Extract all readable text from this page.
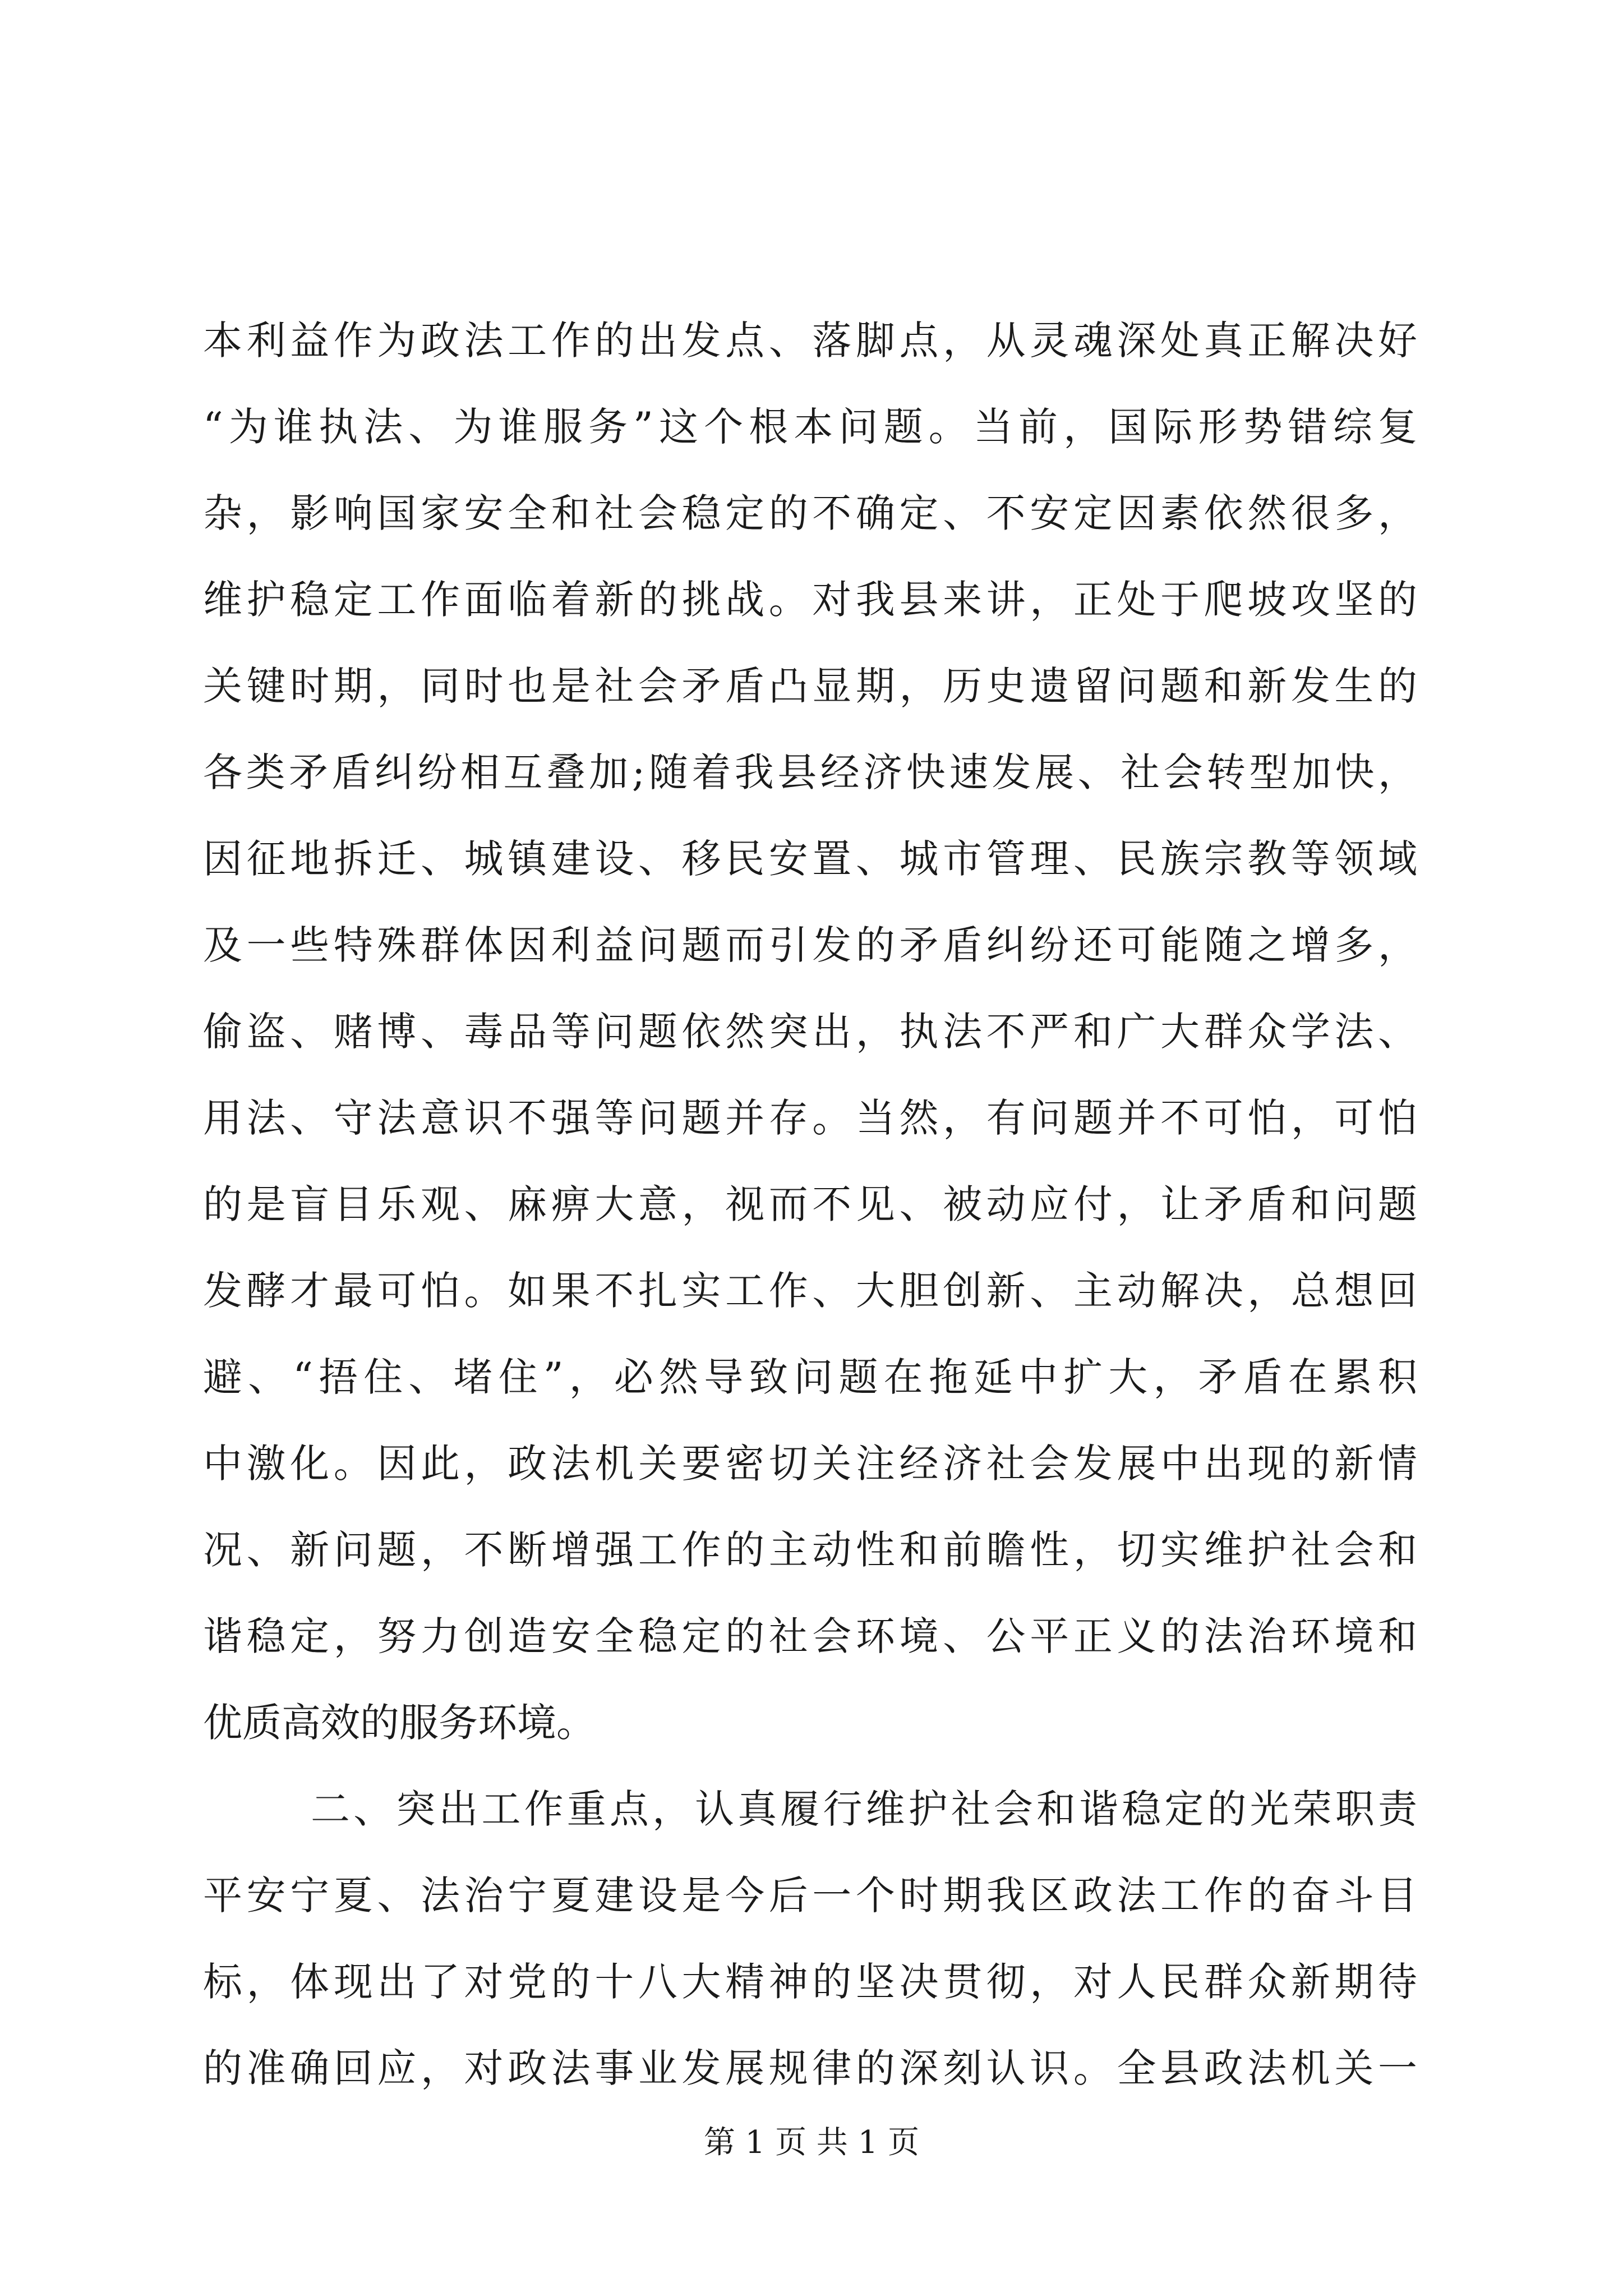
本利益作为政法工作的出发点、落脚点，从灵魂深处真正解决好
“为谁执法、为谁服务”这个根本问题。当前，国际形势错综复
杂，影响国家安全和社会稳定的不确定、不安定因素依然很多，
维护稳定工作面临着新的挑战。对我县来讲，正处于爬坡攻坚的
关键时期，同时也是社会矛盾凸显期，历史遗留问题和新发生的
各类矛盾纠纷相互叠加;随着我县经济快速发展、社会转型加快，
因征地拆迁、城镇建设、移民安置、城市管理、民族宗教等领域
及一些特殊群体因利益问题而引发的矛盾纠纷还可能随之增多，
偷盗、赌博、毒品等问题依然突出，执法不严和广大群众学法、
用法、守法意识不强等问题并存。当然，有问题并不可怕，可怕
的是盲目乐观、麻痹大意，视而不见、被动应付，让矛盾和问题
发酵才最可怕。如果不扎实工作、大胆创新、主动解决，总想回
避、“捂住、堵住”，必然导致问题在拖延中扩大，矛盾在累积
中激化。因此，政法机关要密切关注经济社会发展中出现的新情
况、新问题，不断增强工作的主动性和前瞻性，切实维护社会和
谐稳定，努力创造安全稳定的社会环境、公平正义的法治环境和
优质高效的服务环境。
二、突出工作重点，认真履行维护社会和谐稳定的光荣职责
平安宁夏、法治宁夏建设是今后一个时期我区政法工作的奋斗目
标，体现出了对党的十八大精神的坚决贯彻，对人民群众新期待
的准确回应，对政法事业发展规律的深刻认识。全县政法机关一
第 1 页 共 1 页
